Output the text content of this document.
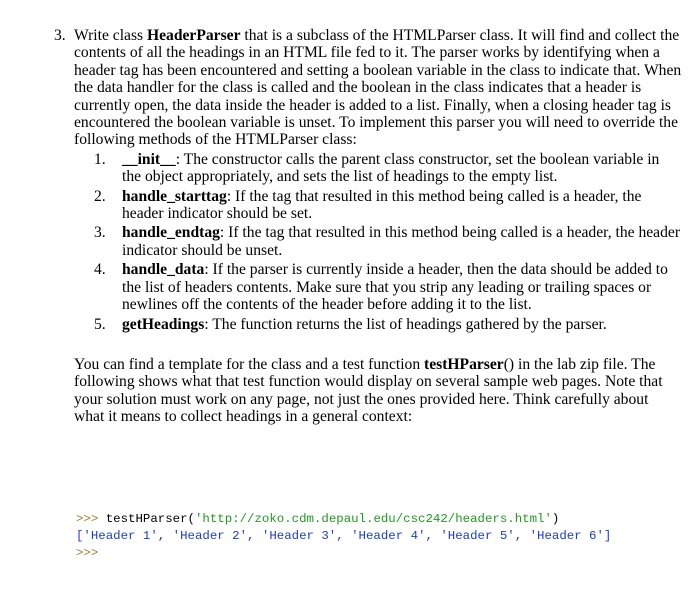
3. Write class HeaderParser that is a subclass of the HTMLParser class. It will find and collect the contents of all the headings in an HTML file fed to it. The parser works by identifying when a header tag has been encountered and setting a boolean variable in the class to indicate that. When the data handler for the class is called and the boolean in the class indicates that a header is currently open, the data inside the header is added to a list. Finally, when a closing header tag is encountered the boolean variable is unset. To implement this parser you will need to override the following methods of the HTMLParser class:

1. __init__: The constructor calls the parent class constructor, set the boolean variable in the object appropriately, and sets the list of headings to the empty list.
2. handle_starttag: If the tag that resulted in this method being called is a header, the header indicator should be set.
3. handle_endtag: If the tag that resulted in this method being called is a header, the header indicator should be unset.
4. handle_data: If the parser is currently inside a header, then the data should be added to the list of headers contents. Make sure that you strip any leading or trailing spaces or newlines off the contents of the header before adding it to the list.
5. getHeadings: The function returns the list of headings gathered by the parser.

You can find a template for the class and a test function testHParser() in the lab zip file. The following shows what that test function would display on several sample web pages. Note that your solution must work on any page, not just the ones provided here. Think carefully about what it means to collect headings in a general context:

>>> testHParser('http://zoko.cdm.depaul.edu/csc242/headers.html')
['Header 1', 'Header 2', 'Header 3', 'Header 4', 'Header 5', 'Header 6']
>>>
